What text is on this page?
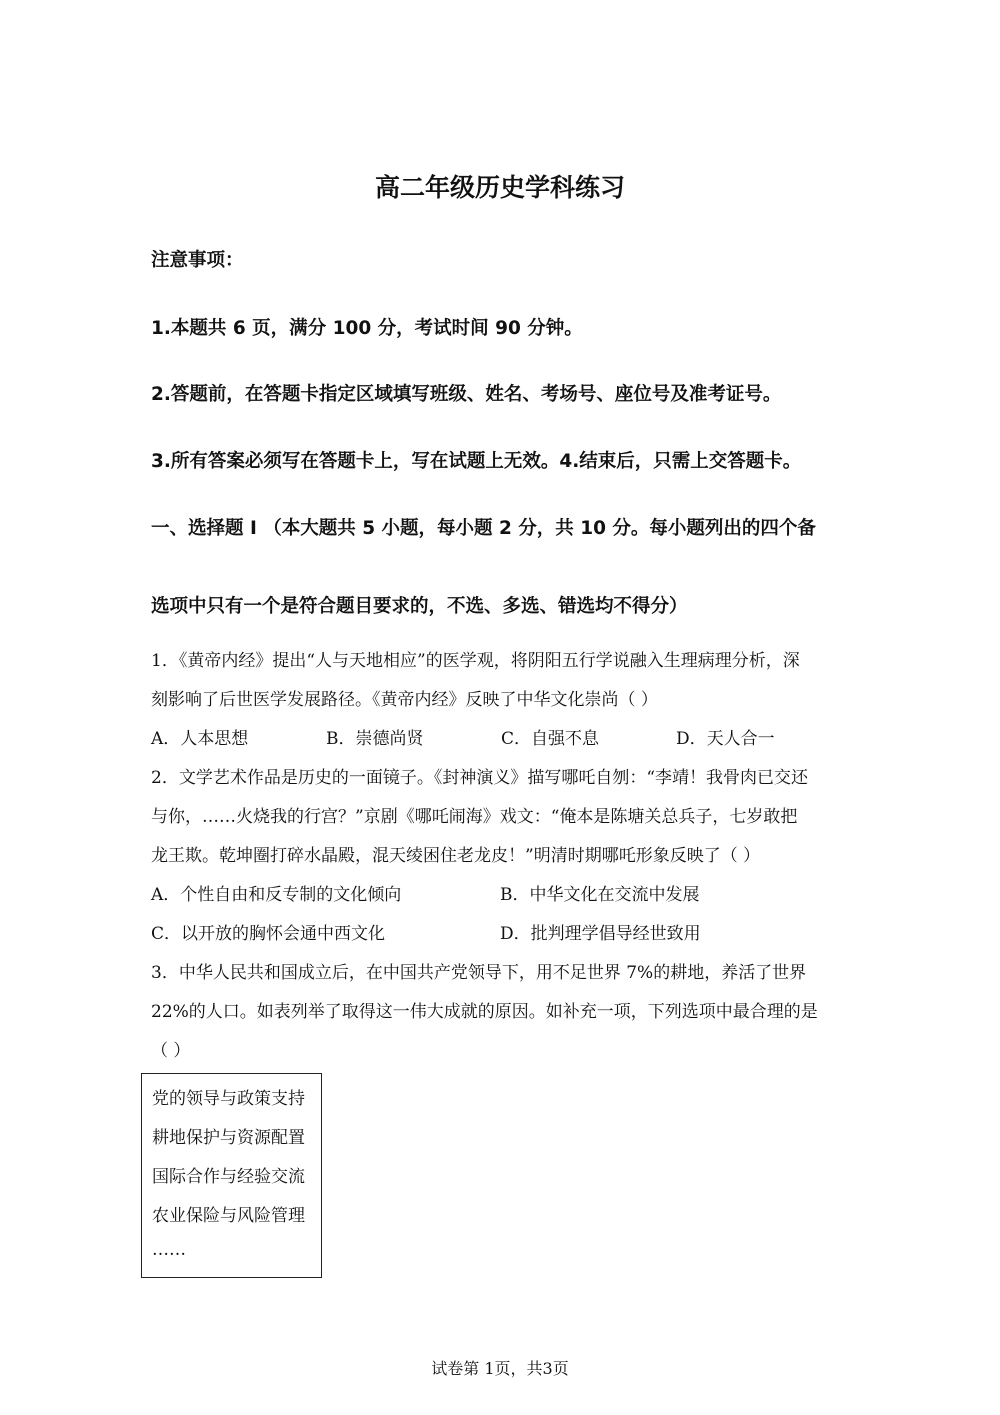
高二年级历史学科练习
注意事项：
1.本题共 6 页，满分 100 分，考试时间 90 分钟。
2.答题前，在答题卡指定区域填写班级、姓名、考场号、座位号及准考证号。
3.所有答案必须写在答题卡上，写在试题上无效。4.结束后，只需上交答题卡。
一、选择题 I （本大题共 5 小题，每小题 2 分，共 10 分。每小题列出的四个备
选项中只有一个是符合题目要求的，不选、多选、错选均不得分）
1．《黄帝内经》提出“人与天地相应”的医学观，将阴阳五行学说融入生理病理分析，深
刻影响了后世医学发展路径。《黄帝内经》反映了中华文化崇尚（ ）
A．人本思想	B．崇德尚贤	C．自强不息	D．天人合一
2．文学艺术作品是历史的一面镜子。《封神演义》描写哪吒自刎：“李靖！我骨肉已交还
与你，……火烧我的行宫？”京剧《哪吒闹海》戏文：“俺本是陈塘关总兵子，七岁敢把
龙王欺。乾坤圈打碎水晶殿，混天绫困住老龙皮！”明清时期哪吒形象反映了（ ）
A．个性自由和反专制的文化倾向	B．中华文化在交流中发展
C．以开放的胸怀会通中西文化	D．批判理学倡导经世致用
3．中华人民共和国成立后，在中国共产党领导下，用不足世界 7%的耕地，养活了世界
22%的人口。如表列举了取得这一伟大成就的原因。如补充一项，下列选项中最合理的是
（ ）
党的领导与政策支持
耕地保护与资源配置
国际合作与经验交流
农业保险与风险管理
……
试卷第 1页，共3页
